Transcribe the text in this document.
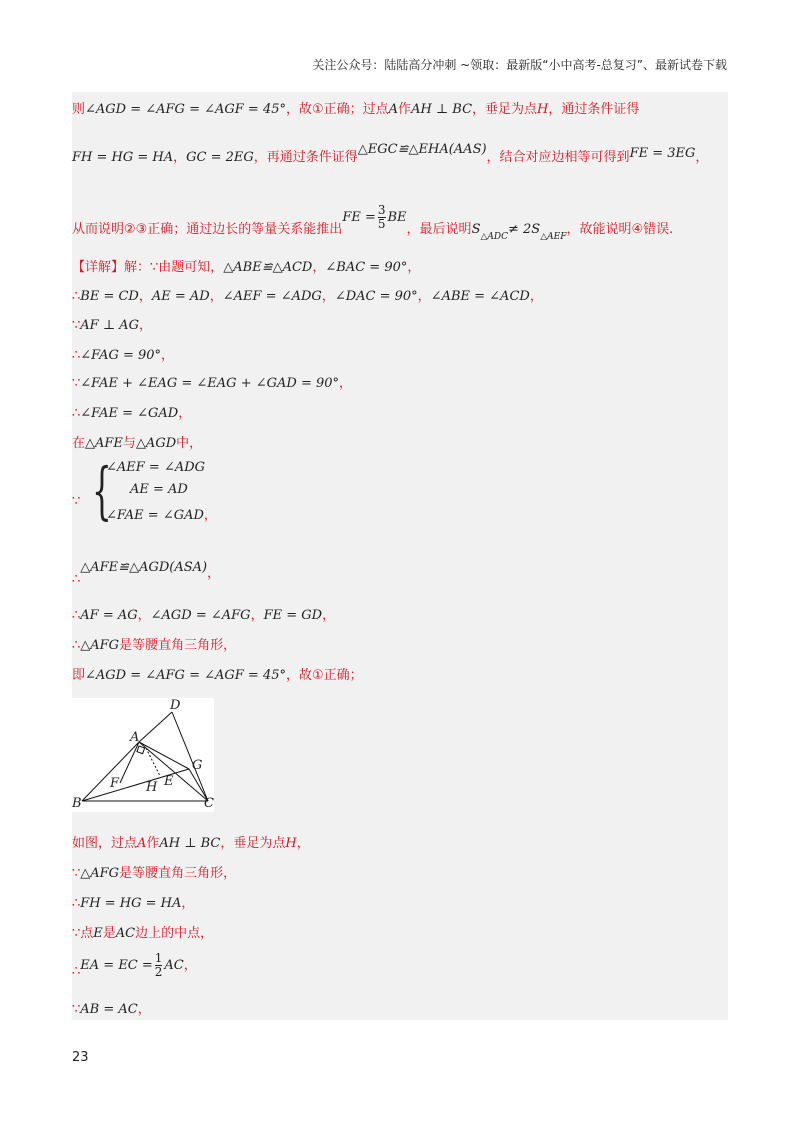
关注公众号：陆陆高分冲刺 ~领取：最新版“小中高考-总复习”、最新试卷下载
则∠AGD = ∠AFG = ∠AGF = 45°，故①正确；过点A作AH ⊥ BC，垂足为点H，通过条件证得
FH = HG = HA，GC = 2EG，再通过条件证得△EGC≌△EHA(AAS)，结合对应边相等可得到FE = 3EG，
从而说明②③正确；通过边长的等量关系能推出FE = $\frac{3}{5}$ BE，最后说明$S_{\triangle ADC}\ne 2S_{\triangle AEF}$，故能说明④错误.
【详解】解：∵由题可知，△ABE≌△ACD，∠BAC = 90°，
∴BE = CD，AE = AD，∠AEF = ∠ADG，∠DAC = 90°，∠ABE = ∠ACD，
∵AF ⊥ AG，
∴∠FAG = 90°，
∵∠FAE + ∠EAG = ∠EAG + ∠GAD = 90°，
∴∠FAE = ∠GAD，
在△AFE与△AGD中，
∵ {
∠AEF = ∠ADG
AE = AD
∠FAE = ∠GAD，
∴△AFE≌△AGD(ASA)，
∴AF = AG，∠AGD = ∠AFG，FE = GD，
∴△AFG是等腰直角三角形，
即∠AGD = ∠AFG = ∠AGF = 45°，故①正确；
D
A
G
F H E
B	C
如图，过点A作AH ⊥ BC，垂足为点H，
∵△AFG是等腰直角三角形，
∴FH = HG = HA，
∵点E是AC边上的中点，
∴EA = EC = $\frac{1}{2}$ AC，
∵AB = AC，
23
